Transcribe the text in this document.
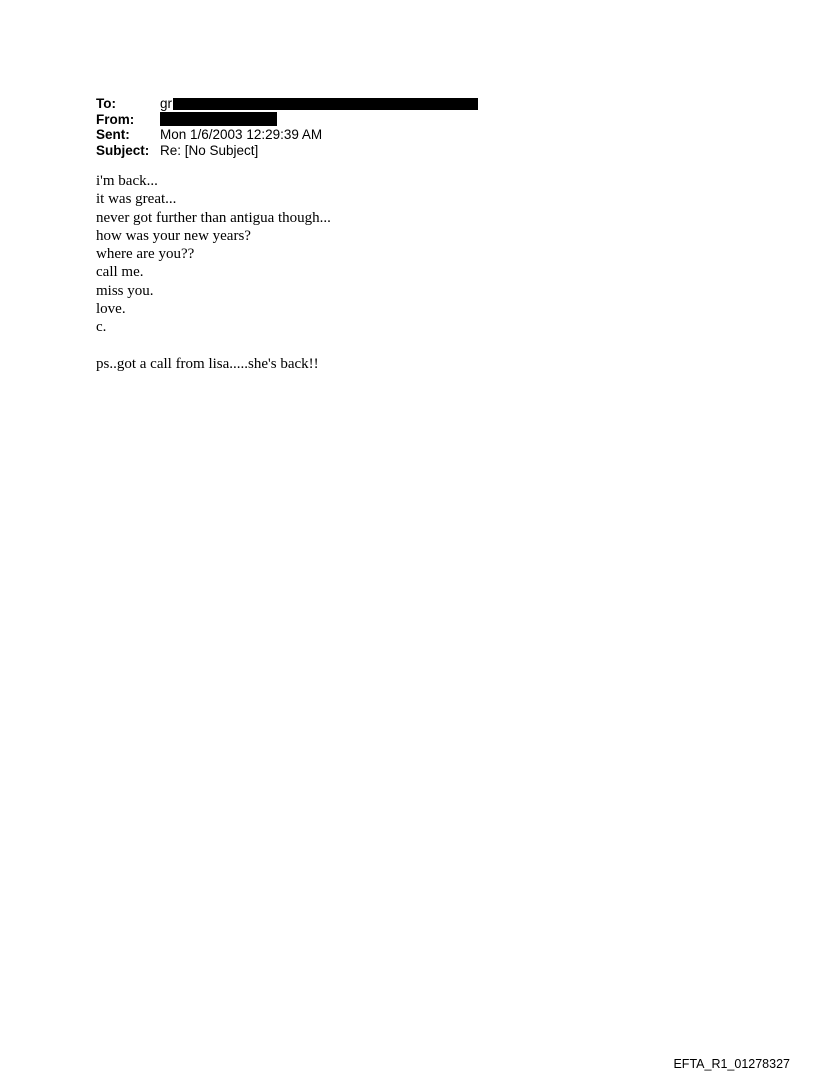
To:	gr
From:
Sent:	Mon 1/6/2003 12:29:39 AM
Subject: Re: [No Subject]
i'm back...
it was great...
never got further than antigua though...
how was your new years?
where are you??
call me.
miss you.
love.
c.
ps..got a call from lisa.....she's back!!
EFTA_R1_01278327
